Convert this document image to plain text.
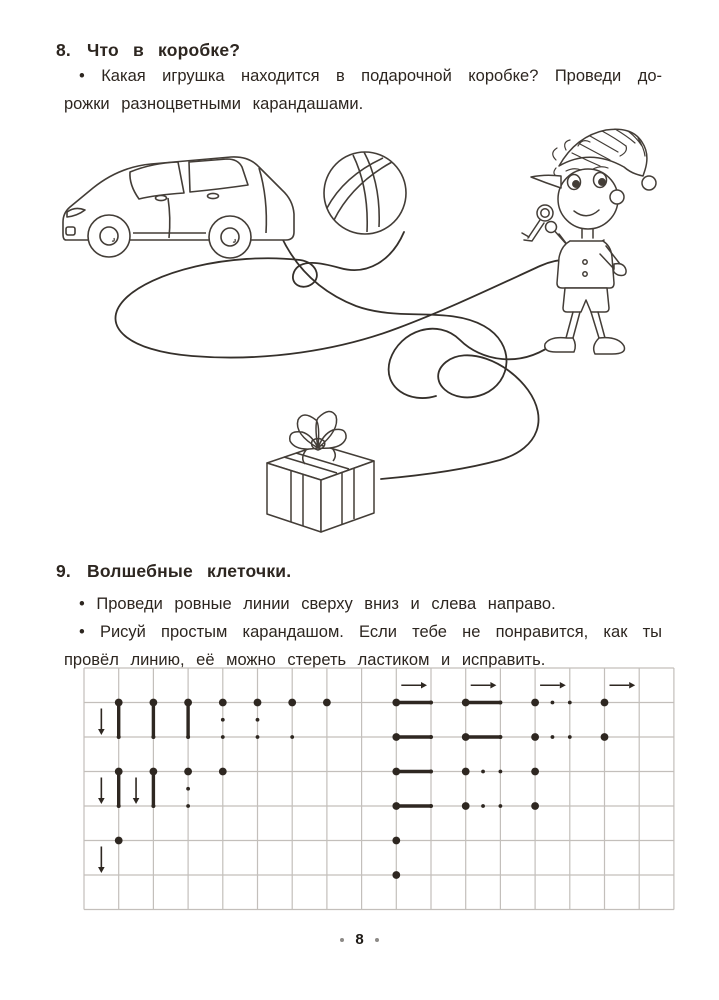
8. Что в коробке?
• Какая игрушка находится в подарочной коробке? Проведи до-
рожки разноцветными карандашами.
9. Волшебные клеточки.
• Проведи ровные линии сверху вниз и слева направо.
• Рисуй простым карандашом. Если тебе не понравится, как ты
провёл линию, её можно стереть ластиком и исправить.
8
